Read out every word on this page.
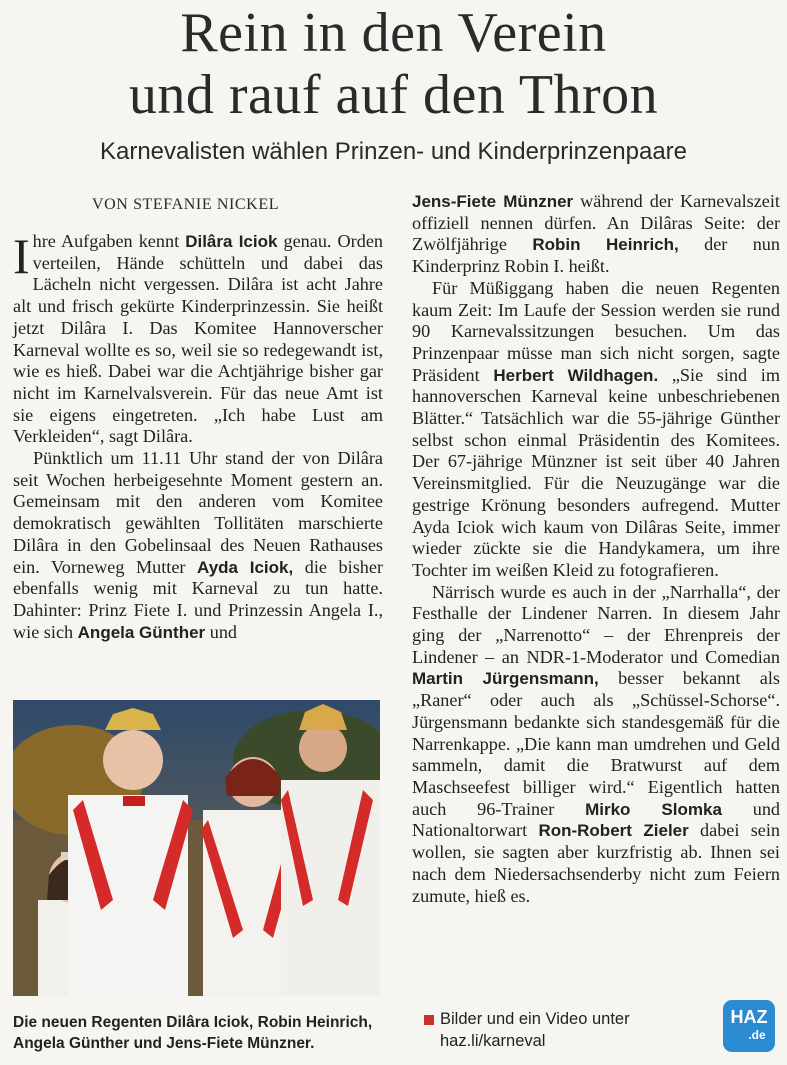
Rein in den Verein
und rauf auf den Thron
Karnevalisten wählen Prinzen- und Kinderprinzenpaare
VON STEFANIE NICKEL

Ihre Aufgaben kennt Dilâra Iciok genau. Orden verteilen, Hände schütteln und dabei das Lächeln nicht vergessen. Dilâra ist acht Jahre alt und frisch gekürte Kinderprinzessin. Sie heißt jetzt Dilâra I. Das Komitee Hannoverscher Karneval wollte es so, weil sie so redegewandt ist, wie es hieß. Dabei war die Achtjährige bisher gar nicht im Karnelvalsverein. Für das neue Amt ist sie eigens eingetreten. „Ich habe Lust am Verkleiden“, sagt Dilâra.

Pünktlich um 11.11 Uhr stand der von Dilâra seit Wochen herbeigesehnte Moment gestern an. Gemeinsam mit den anderen vom Komitee demokratisch gewählten Tollitäten marschierte Dilâra in den Gobelinsaal des Neuen Rathauses ein. Vorneweg Mutter Ayda Iciok, die bisher ebenfalls wenig mit Karneval zu tun hatte. Dahinter: Prinz Fiete I. und Prinzessin Angela I., wie sich Angela Günther und

Jens-Fiete Münzner während der Karnevalszeit offiziell nennen dürfen. An Dilâras Seite: der Zwölfjährige Robin Heinrich, der nun Kinderprinz Robin I. heißt.

Für Müßiggang haben die neuen Regenten kaum Zeit: Im Laufe der Session werden sie rund 90 Karnevalssitzungen besuchen. Um das Prinzenpaar müsse man sich nicht sorgen, sagte Präsident Herbert Wildhagen. „Sie sind im hannoverschen Karneval keine unbeschriebenen Blätter.“ Tatsächlich war die 55-jährige Günther selbst schon einmal Präsidentin des Komitees. Der 67-jährige Münzner ist seit über 40 Jahren Vereinsmitglied. Für die Neuzugänge war die gestrige Krönung besonders aufregend. Mutter Ayda Iciok wich kaum von Dilâras Seite, immer wieder zückte sie die Handykamera, um ihre Tochter im weißen Kleid zu fotografieren.

Närrisch wurde es auch in der „Narrhalla“, der Festhalle der Lindener Narren. In diesem Jahr ging der „Narrenotto“ – der Ehrenpreis der Lindener – an NDR-1-Moderator und Comedian Martin Jürgensmann, besser bekannt als „Raner“ oder auch als „Schüssel-Schorse“. Jürgensmann bedankte sich standesgemäß für die Narrenkappe. „Die kann man umdrehen und Geld sammeln, damit die Bratwurst auf dem Maschseefest billiger wird.“ Eigentlich hatten auch 96-Trainer Mirko Slomka und Nationaltorwart Ron-Robert Zieler dabei sein wollen, sie sagten aber kurzfristig ab. Ihnen sei nach dem Niedersachsenderby nicht zum Feiern zumute, hieß es.

Die neuen Regenten Dilâra Iciok, Robin Heinrich, Angela Günther und Jens-Fiete Münzner.
Bilder und ein Video unter
haz.li/karneval
HAZ
.de
